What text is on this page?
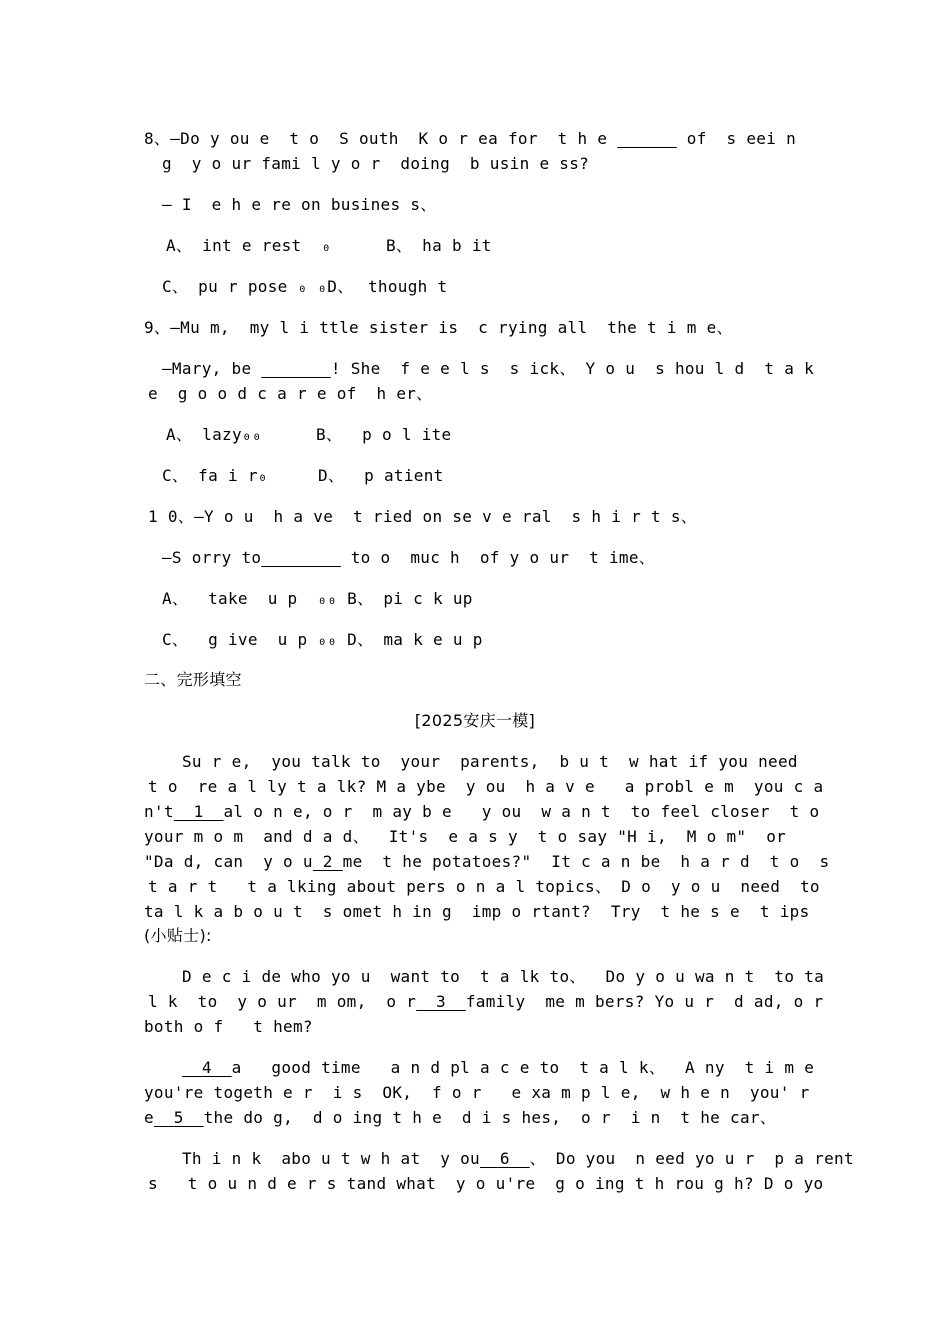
8、—Do y ou e  t o  S outh  K o r ea for  t h e ______ of  s eei n
g  y o ur fami l y o r  doing  b usin e ss?
— I  e h e re on busines s、
A、 int e rest  ₀	B、 ha b it
C、 pu r pose ₀ ₀D、 though t
9、—Mu m,  my l i ttle sister is  c rying all  the t i m e、
—Mary, be _______! She  f e e l s  s ick、 Y o u  s hou l d  t a k
e  g o o d c a r e of  h er、
A、 lazy₀₀	B、  p o l ite
C、 fa i r₀	D、  p atient
1 0、—Y o u  h a ve  t ried on se v e ral  s h i r t s、
—S orry to________ to o  muc h  of y o ur  t ime、
A、  take  u p  ₀₀ B、 pi c k up
C、  g ive  u p ₀₀ D、 ma k e u p
二、完形填空
[2025安庆一模]
Su r e,  you talk to  your  parents,  b u t  w hat if you need
t o  re a l ly t a lk? M a ybe  y ou  h a v e   a probl e m  you c a
n't  1  al o n e, o r  m ay b e   y ou  w a n t  to feel closer  t o
your m o m  and d a d、  It's  e a s y  t o say "H i,  M o m"  or
"Da d, can  y o u 2 me  t he potatoes?"  It c a n be  h a r d  t o  s
t a r t   t a lking about pers o n a l topics、 D o  y o u  need  to
ta l k a b o u t  s omet h in g  imp o rtant?  Try  t he s e  t ips
(小贴士):
D e c i de who yo u  want to  t a lk to、  Do y o u wa n t  to ta
l k  to  y o ur  m om,  o r  3  family  me m bers? Yo u r  d ad, o r
both o f   t hem?
4  a   good time   a n d pl a c e to  t a l k、  A ny  t i m e
you're togeth e r  i s  OK,  f o r   e xa m p l e,  w h e n  you' r
e  5  the do g,  d o ing t h e  d i s hes,  o r  i n  t he car、
Th i n k  abo u t w h at  y ou  6  、 Do you  n eed yo u r  p a rent
s   t o u n d e r s tand what  y o u're  g o ing t h rou g h? D o yo
